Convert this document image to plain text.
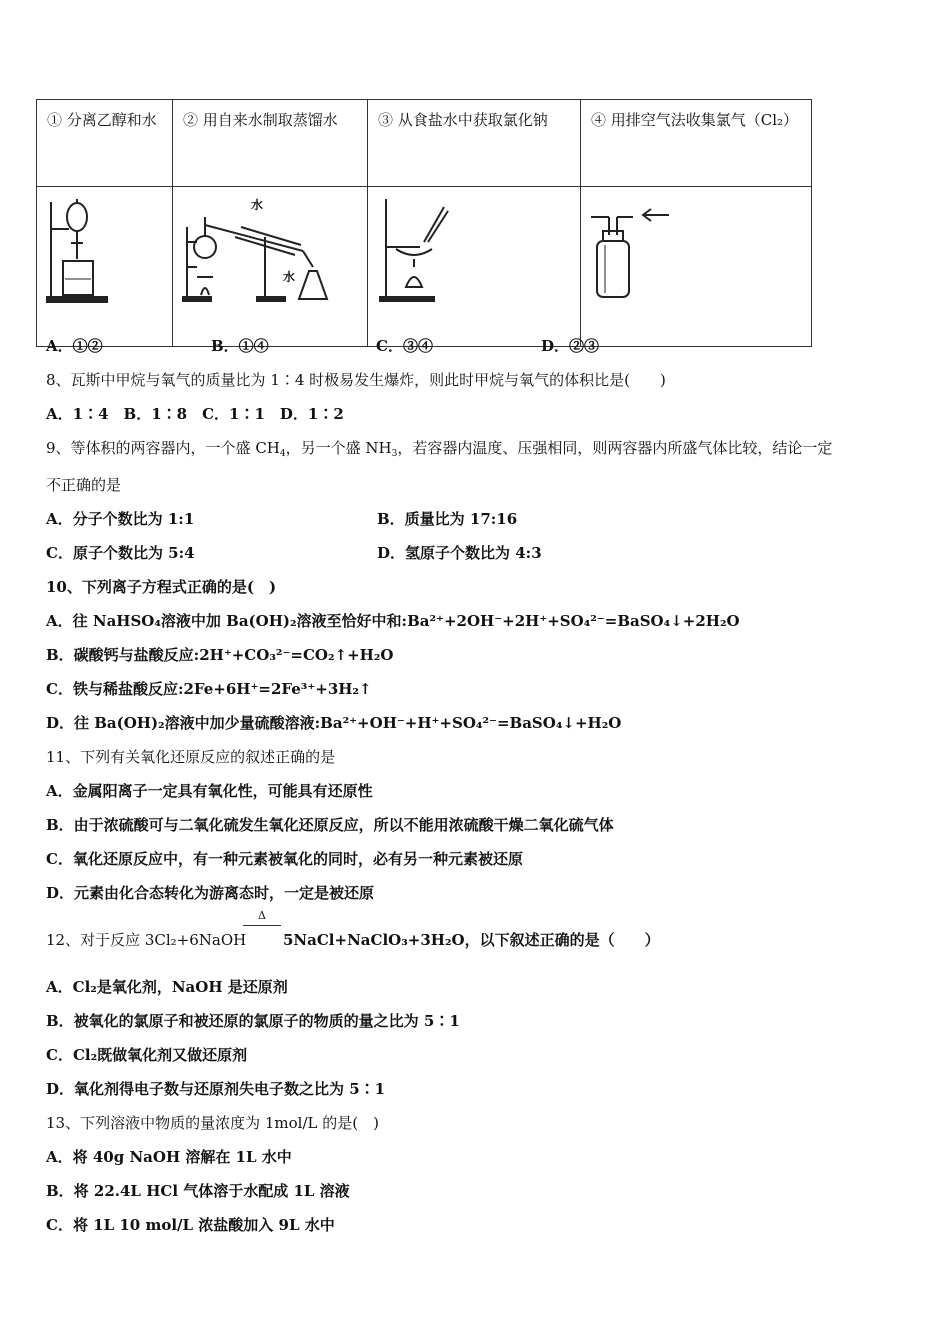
① 分离乙醇和水	② 用自来水制取蒸馏水	③ 从食盐水中获取氯化钠	④ 用排空气法收集氯气（Cl₂）

水
水

A．①②	B．①④	C．③④	D．②③
8、瓦斯中甲烷与氧气的质量比为 1∶4 时极易发生爆炸，则此时甲烷与氧气的体积比是(　　)
A．1∶4　B．1∶8　C．1∶1　D．1∶2
9、等体积的两容器内，一个盛 $CH_4$，另一个盛 $NH_3$，若容器内温度、压强相同，则两容器内所盛气体比较，结论一定
不正确的是
A．分子个数比为 1:1	B．质量比为 17:16
C．原子个数比为 5:4	D．氢原子个数比为 4:3
10、下列离子方程式正确的是(　)
A．往 NaHSO₄溶液中加 Ba(OH)₂溶液至恰好中和:Ba²⁺+2OH⁻+2H⁺+SO₄²⁻=BaSO₄↓+2H₂O
B．碳酸钙与盐酸反应:2H⁺+CO₃²⁻=CO₂↑+H₂O
C．铁与稀盐酸反应:2Fe+6H⁺=2Fe³⁺+3H₂↑
D．往 Ba(OH)₂溶液中加少量硫酸溶液:Ba²⁺+OH⁻+H⁺+SO₄²⁻=BaSO₄↓+H₂O
11、下列有关氧化还原反应的叙述正确的是
A．金属阳离子一定具有氧化性，可能具有还原性
B．由于浓硫酸可与二氧化硫发生氧化还原反应，所以不能用浓硫酸干燥二氧化硫气体
C．氧化还原反应中，有一种元素被氧化的同时，必有另一种元素被还原
D．元素由化合态转化为游离态时，一定是被还原
12、对于反应 3Cl₂+6NaOH
Δ
5NaCl+NaClO₃+3H₂O，以下叙述正确的是（　　）
A．Cl₂是氧化剂，NaOH 是还原剂
B．被氧化的氯原子和被还原的氯原子的物质的量之比为 5∶1
C．Cl₂既做氧化剂又做还原剂
D．氧化剂得电子数与还原剂失电子数之比为 5∶1
13、下列溶液中物质的量浓度为 1mol/L 的是(　)
A．将 40g NaOH 溶解在 1L 水中
B．将 22.4L HCl 气体溶于水配成 1L 溶液
C．将 1L 10 mol/L 浓盐酸加入 9L 水中
